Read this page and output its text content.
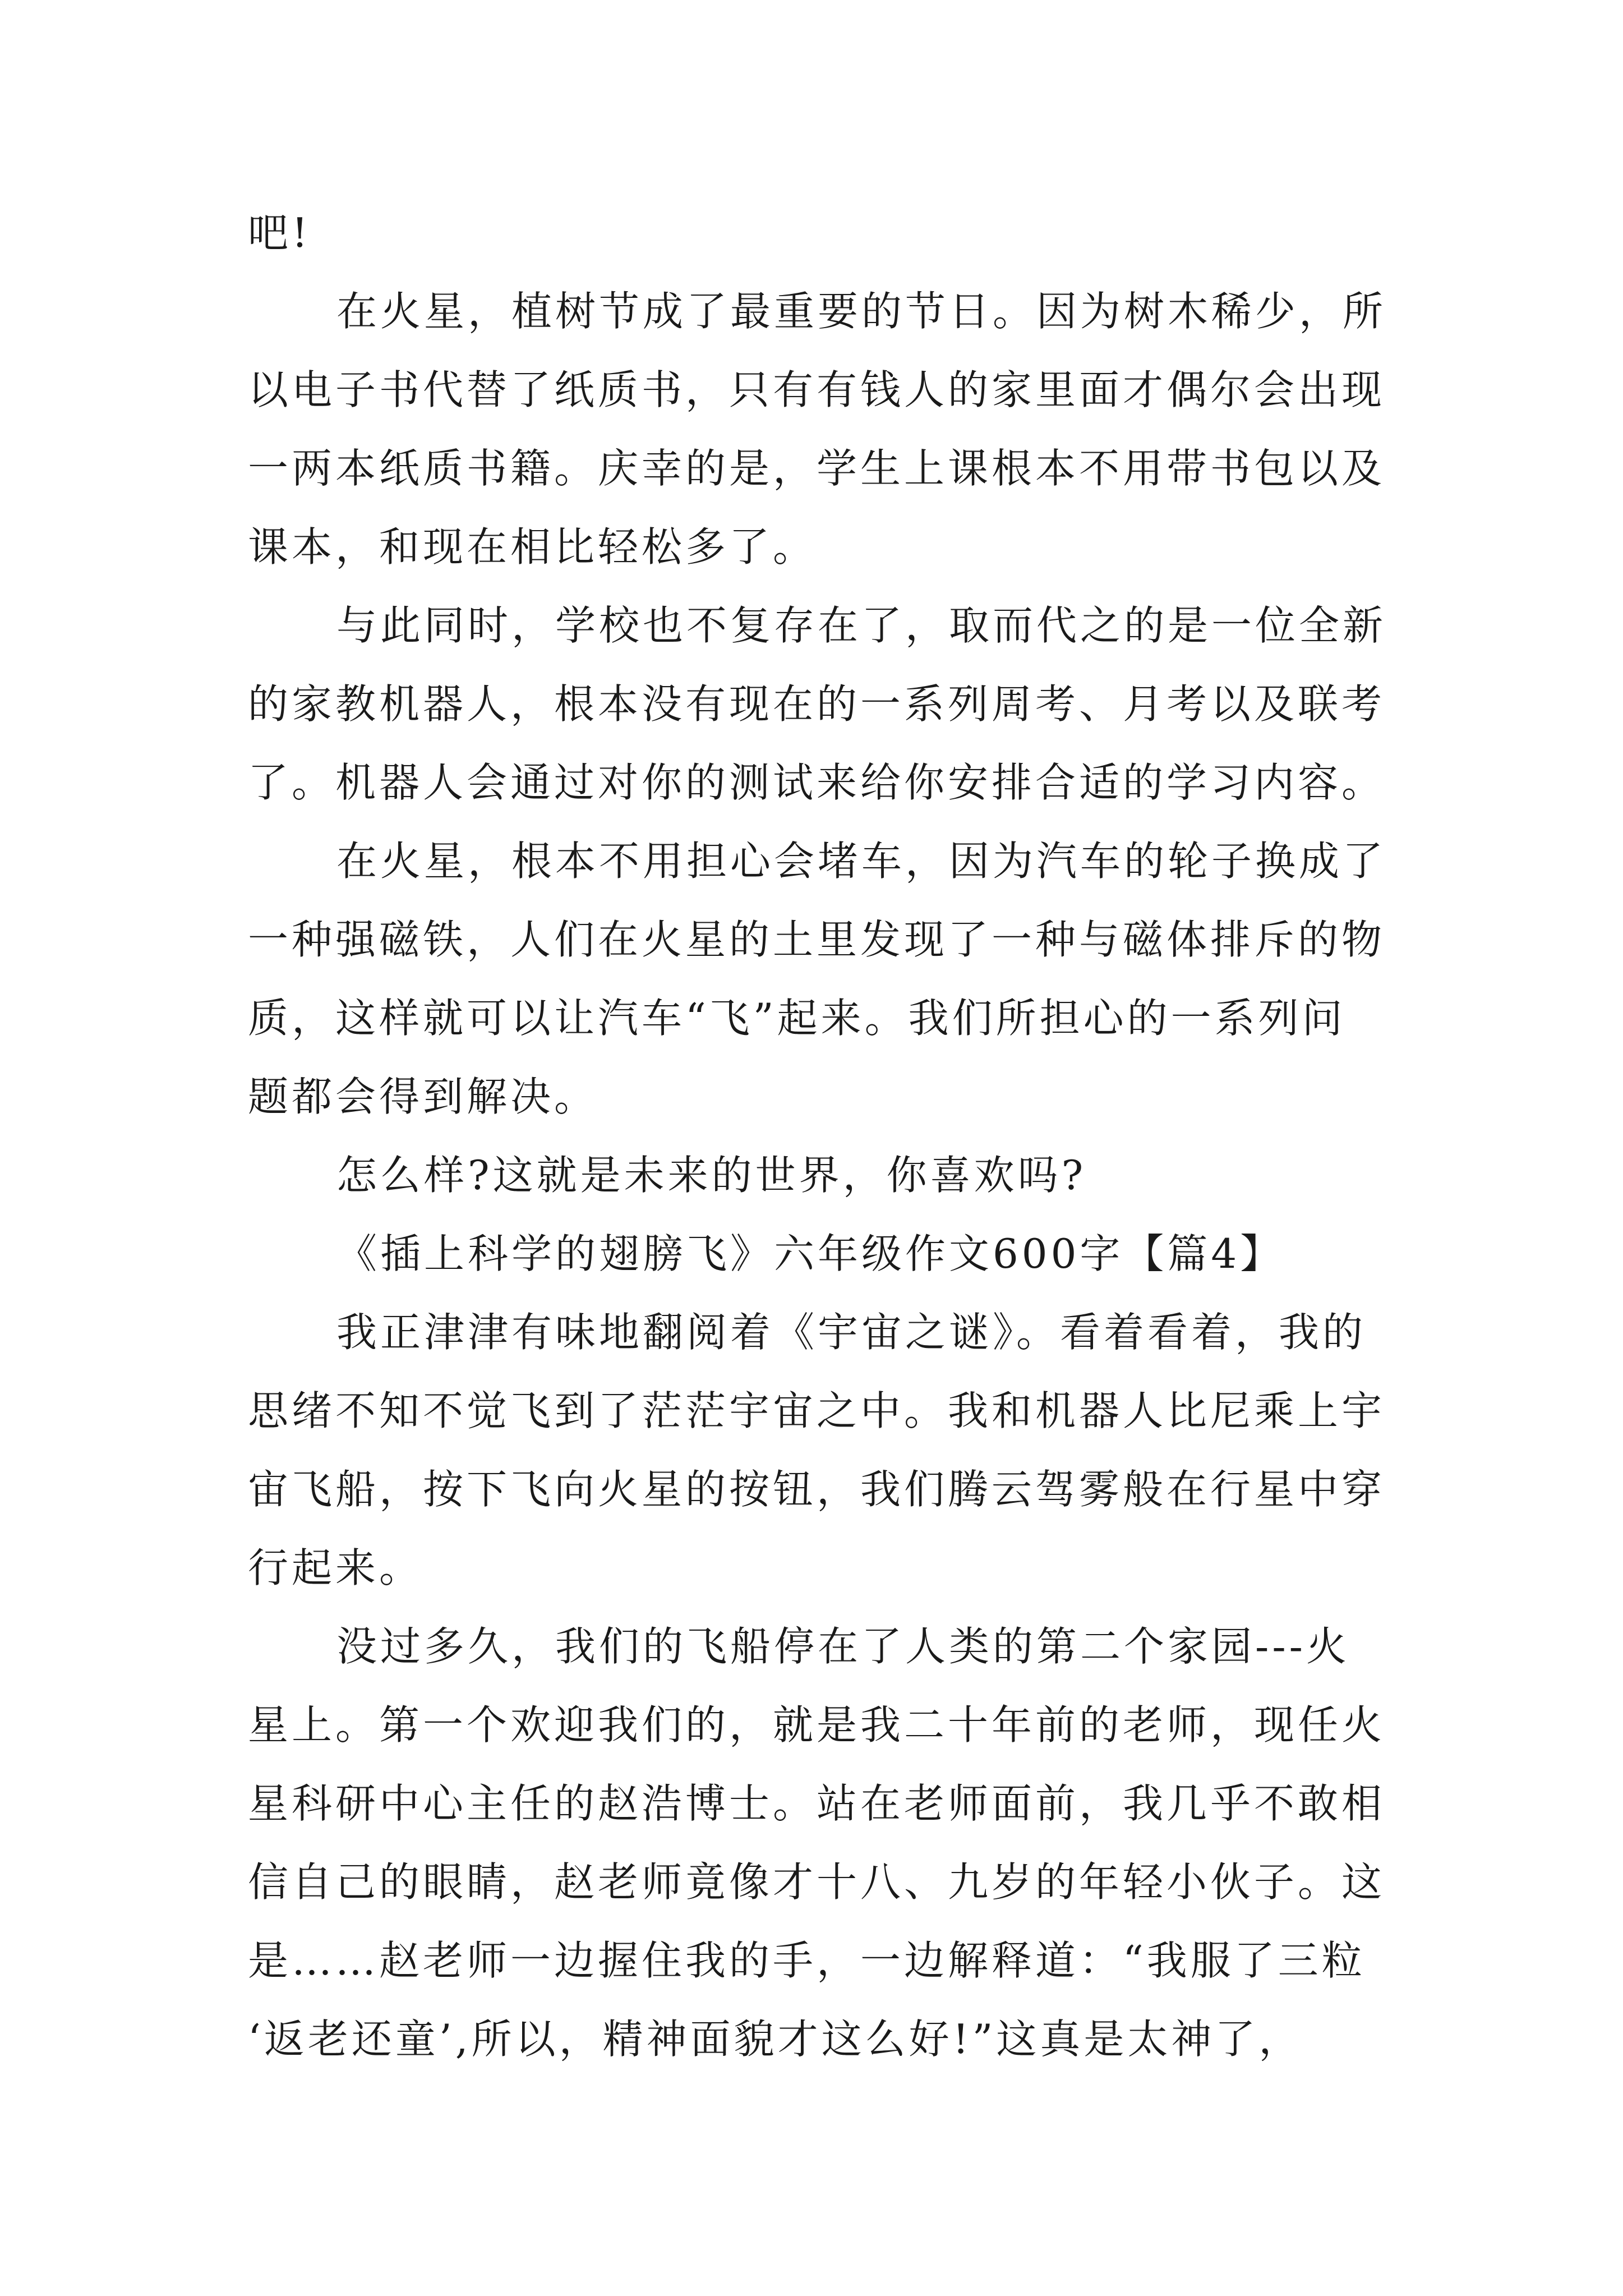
吧!
在火星，植树节成了最重要的节日。因为树木稀少，所
以电子书代替了纸质书，只有有钱人的家里面才偶尔会出现
一两本纸质书籍。庆幸的是，学生上课根本不用带书包以及
课本，和现在相比轻松多了。
与此同时，学校也不复存在了，取而代之的是一位全新
的家教机器人，根本没有现在的一系列周考、月考以及联考
了。机器人会通过对你的测试来给你安排合适的学习内容。
在火星，根本不用担心会堵车，因为汽车的轮子换成了
一种强磁铁，人们在火星的土里发现了一种与磁体排斥的物
质，这样就可以让汽车“飞”起来。我们所担心的一系列问
题都会得到解决。
怎么样?这就是未来的世界，你喜欢吗?
《插上科学的翅膀飞》六年级作文600字【篇4】
我正津津有味地翻阅着《宇宙之谜》。看着看着，我的
思绪不知不觉飞到了茫茫宇宙之中。我和机器人比尼乘上宇
宙飞船，按下飞向火星的按钮，我们腾云驾雾般在行星中穿
行起来。
没过多久，我们的飞船停在了人类的第二个家园---火
星上。第一个欢迎我们的，就是我二十年前的老师，现任火
星科研中心主任的赵浩博士。站在老师面前，我几乎不敢相
信自己的眼睛，赵老师竟像才十八、九岁的年轻小伙子。这
是……赵老师一边握住我的手，一边解释道：“我服了三粒
‘返老还童’,所以，精神面貌才这么好!”这真是太神了，
